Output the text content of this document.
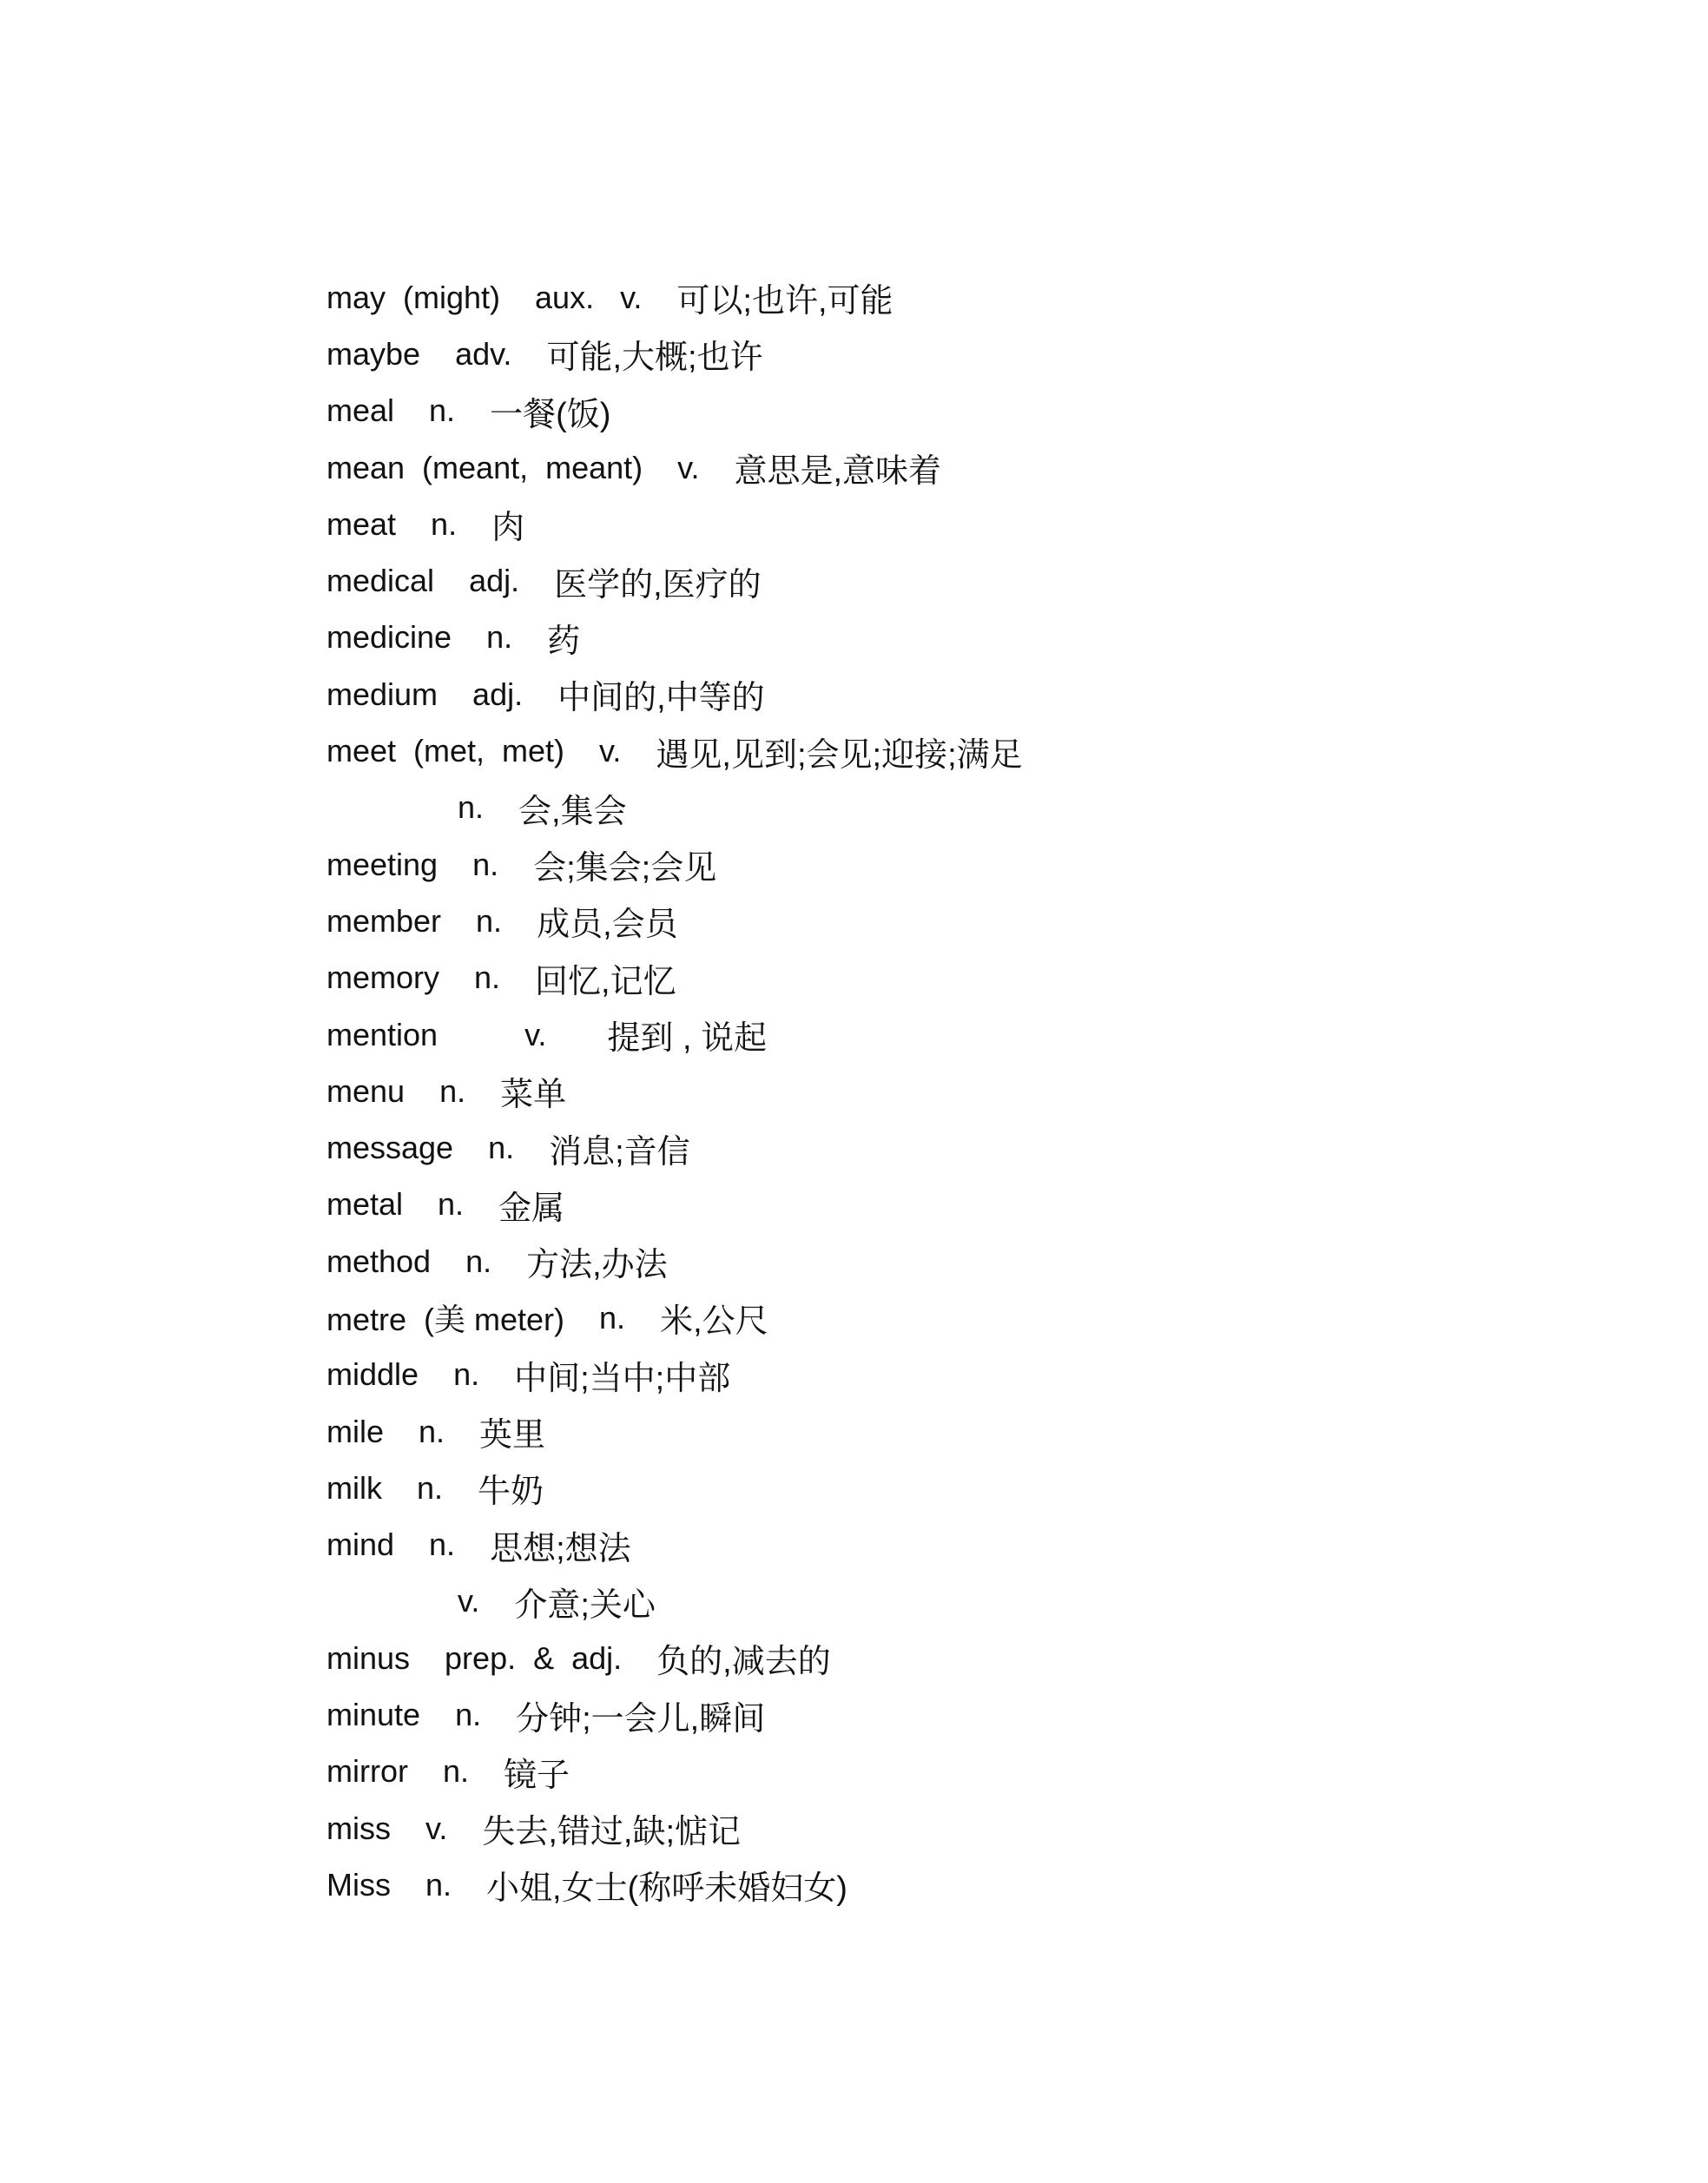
may  (might) aux.   v. 可以;也许,可能
maybe adv. 可能,大概;也许
meal n. 一餐(饭)
mean  (meant,  meant) v. 意思是,意味着
meat n. 肉
medical adj. 医学的,医疗的
medicine n. 药
medium adj. 中间的,中等的
meet  (met,  met) v. 遇见,见到;会见;迎接;满足
n. 会,集会
meeting n. 会;集会;会见
member n. 成员,会员
memory n. 回忆,记忆
mention	v. 提到 , 说起
menu n. 菜单
message n. 消息;音信
metal n. 金属
method n. 方法,办法
metre  (美 meter) n. 米,公尺
middle n. 中间;当中;中部
mile n. 英里
milk n. 牛奶
mind n. 思想;想法
v. 介意;关心
minus prep.  &  adj. 负的,减去的
minute n. 分钟;一会儿,瞬间
mirror n. 镜子
miss v. 失去,错过,缺;惦记
Miss n. 小姐,女士(称呼未婚妇女)
